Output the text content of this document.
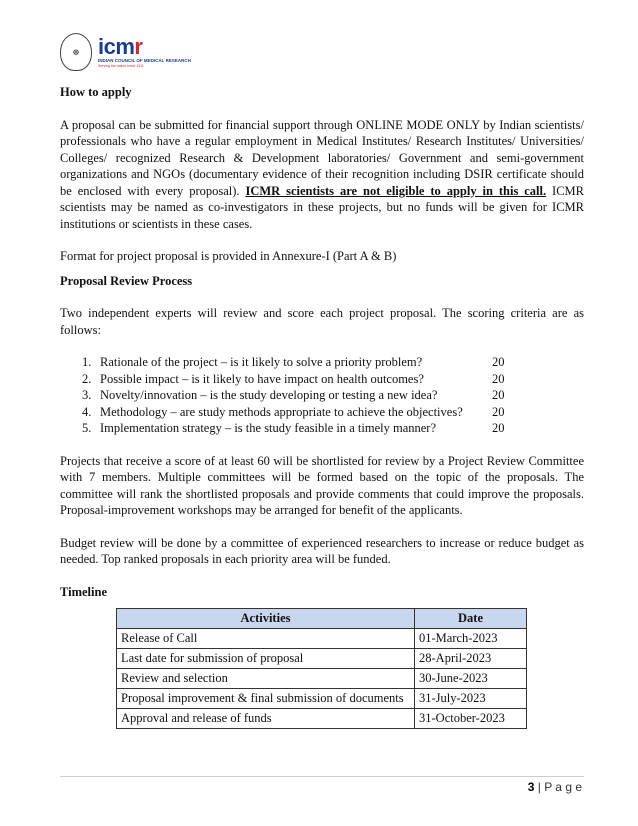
☸ icmr
INDIAN COUNCIL OF MEDICAL RESEARCH
Serving the nation since 1911
How to apply

A proposal can be submitted for financial support through ONLINE MODE ONLY by Indian scientists/ professionals who have a regular employment in Medical Institutes/ Research Institutes/ Universities/ Colleges/ recognized Research & Development laboratories/ Government and semi-government organizations and NGOs (documentary evidence of their recognition including DSIR certificate should be enclosed with every proposal). ICMR scientists are not eligible to apply in this call. ICMR scientists may be named as co-investigators in these projects, but no funds will be given for ICMR institutions or scientists in these cases.

Format for project proposal is provided in Annexure-I (Part A & B)

Proposal Review Process

Two independent experts will review and score each project proposal. The scoring criteria are as follows:

1. Rationale of the project – is it likely to solve a priority problem?	20
2. Possible impact – is it likely to have impact on health outcomes?	20
3. Novelty/innovation – is the study developing or testing a new idea?	20
4. Methodology – are study methods appropriate to achieve the objectives?	20
5. Implementation strategy – is the study feasible in a timely manner?	20

Projects that receive a score of at least 60 will be shortlisted for review by a Project Review Committee with 7 members. Multiple committees will be formed based on the topic of the proposals. The committee will rank the shortlisted proposals and provide comments that could improve the proposals. Proposal-improvement workshops may be arranged for benefit of the applicants.

Budget review will be done by a committee of experienced researchers to increase or reduce budget as needed. Top ranked proposals in each priority area will be funded.

Timeline
Activities	Date
Release of Call	01-March-2023
Last date for submission of proposal	28-April-2023
Review and selection	30-June-2023
Proposal improvement & final submission of documents	31-July-2023
Approval and release of funds	31-October-2023
3 | P a g e
